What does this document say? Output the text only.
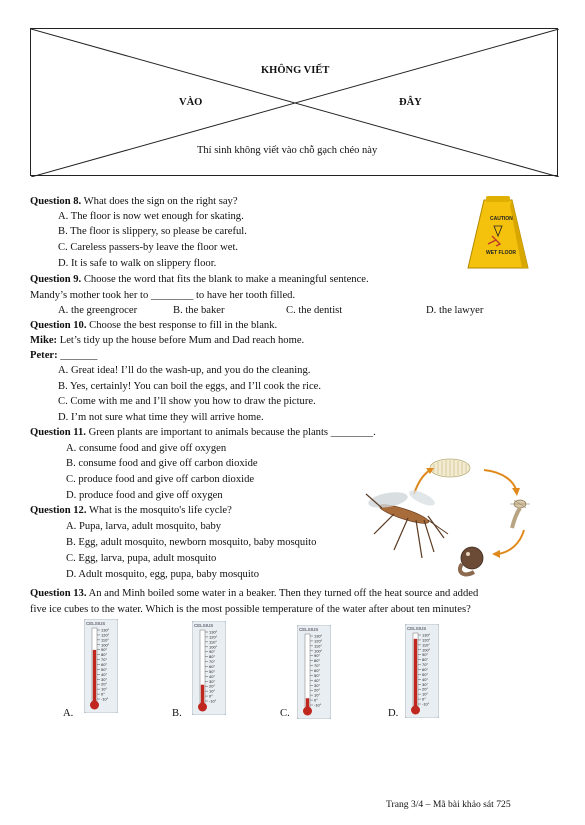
KHÔNG VIẾT
VÀO	ĐÂY
Thí sinh không viết vào chỗ gạch chéo này
Question 8. What does the sign on the right say?
A. The floor is now wet enough for skating.
B. The floor is slippery, so please be careful.
C. Careless passers-by leave the floor wet.
D. It is safe to walk on slippery floor.
CAUTION
WET FLOOR
Question 9. Choose the word that fits the blank to make a meaningful sentence.
Mandy’s mother took her to ________ to have her tooth filled.
A. the greengrocer	B. the baker	C. the dentist	D. the lawyer
Question 10. Choose the best response to fill in the blank.
Mike: Let’s tidy up the house before Mum and Dad reach home.
Peter: _______
A. Great idea! I’ll do the wash-up, and you do the cleaning.
B. Yes, certainly! You can boil the eggs, and I’ll cook the rice.
C. Come with me and I’ll show you how to draw the picture.
D. I’m not sure what time they will arrive home.
Question 11. Green plants are important to animals because the plants ________.
A. consume food and give off oxygen
B. consume food and give off carbon dioxide
C. produce food and give off carbon dioxide
D. produce food and give off oxygen
Question 12. What is the mosquito's life cycle?
A. Pupa, larva, adult mosquito, baby
B. Egg, adult mosquito, newborn mosquito, baby mosquito
C. Egg, larva, pupa, adult mosquito
D. Adult mosquito, egg, pupa, baby mosquito
Question 13. An and Minh boiled some water in a beaker. Then they turned off the heat source and added
five ice cubes to the water. Which is the most possible temperature of the water after about ten minutes?
CELSIUS
130°
120°
110°
100°
90°
80°
70°
60°
50°
40°
30°
20°
10°
0°
-10°
CELSIUS
130°
120°
110°
100°
90°
80°
70°
60°
50°
40°
30°
20°
10°
0°
-10°
CELSIUS
130°
120°
110°
100°
90°
80°
70°
60°
50°
40°
30°
20°
10°
0°
-10°
CELSIUS
130°
120°
110°
100°
90°
80°
70°
60°
50°
40°
30°
20°
10°
0°
-10°
A.	B.	C.	D.
Trang 3/4 – Mã bài khảo sát 725
